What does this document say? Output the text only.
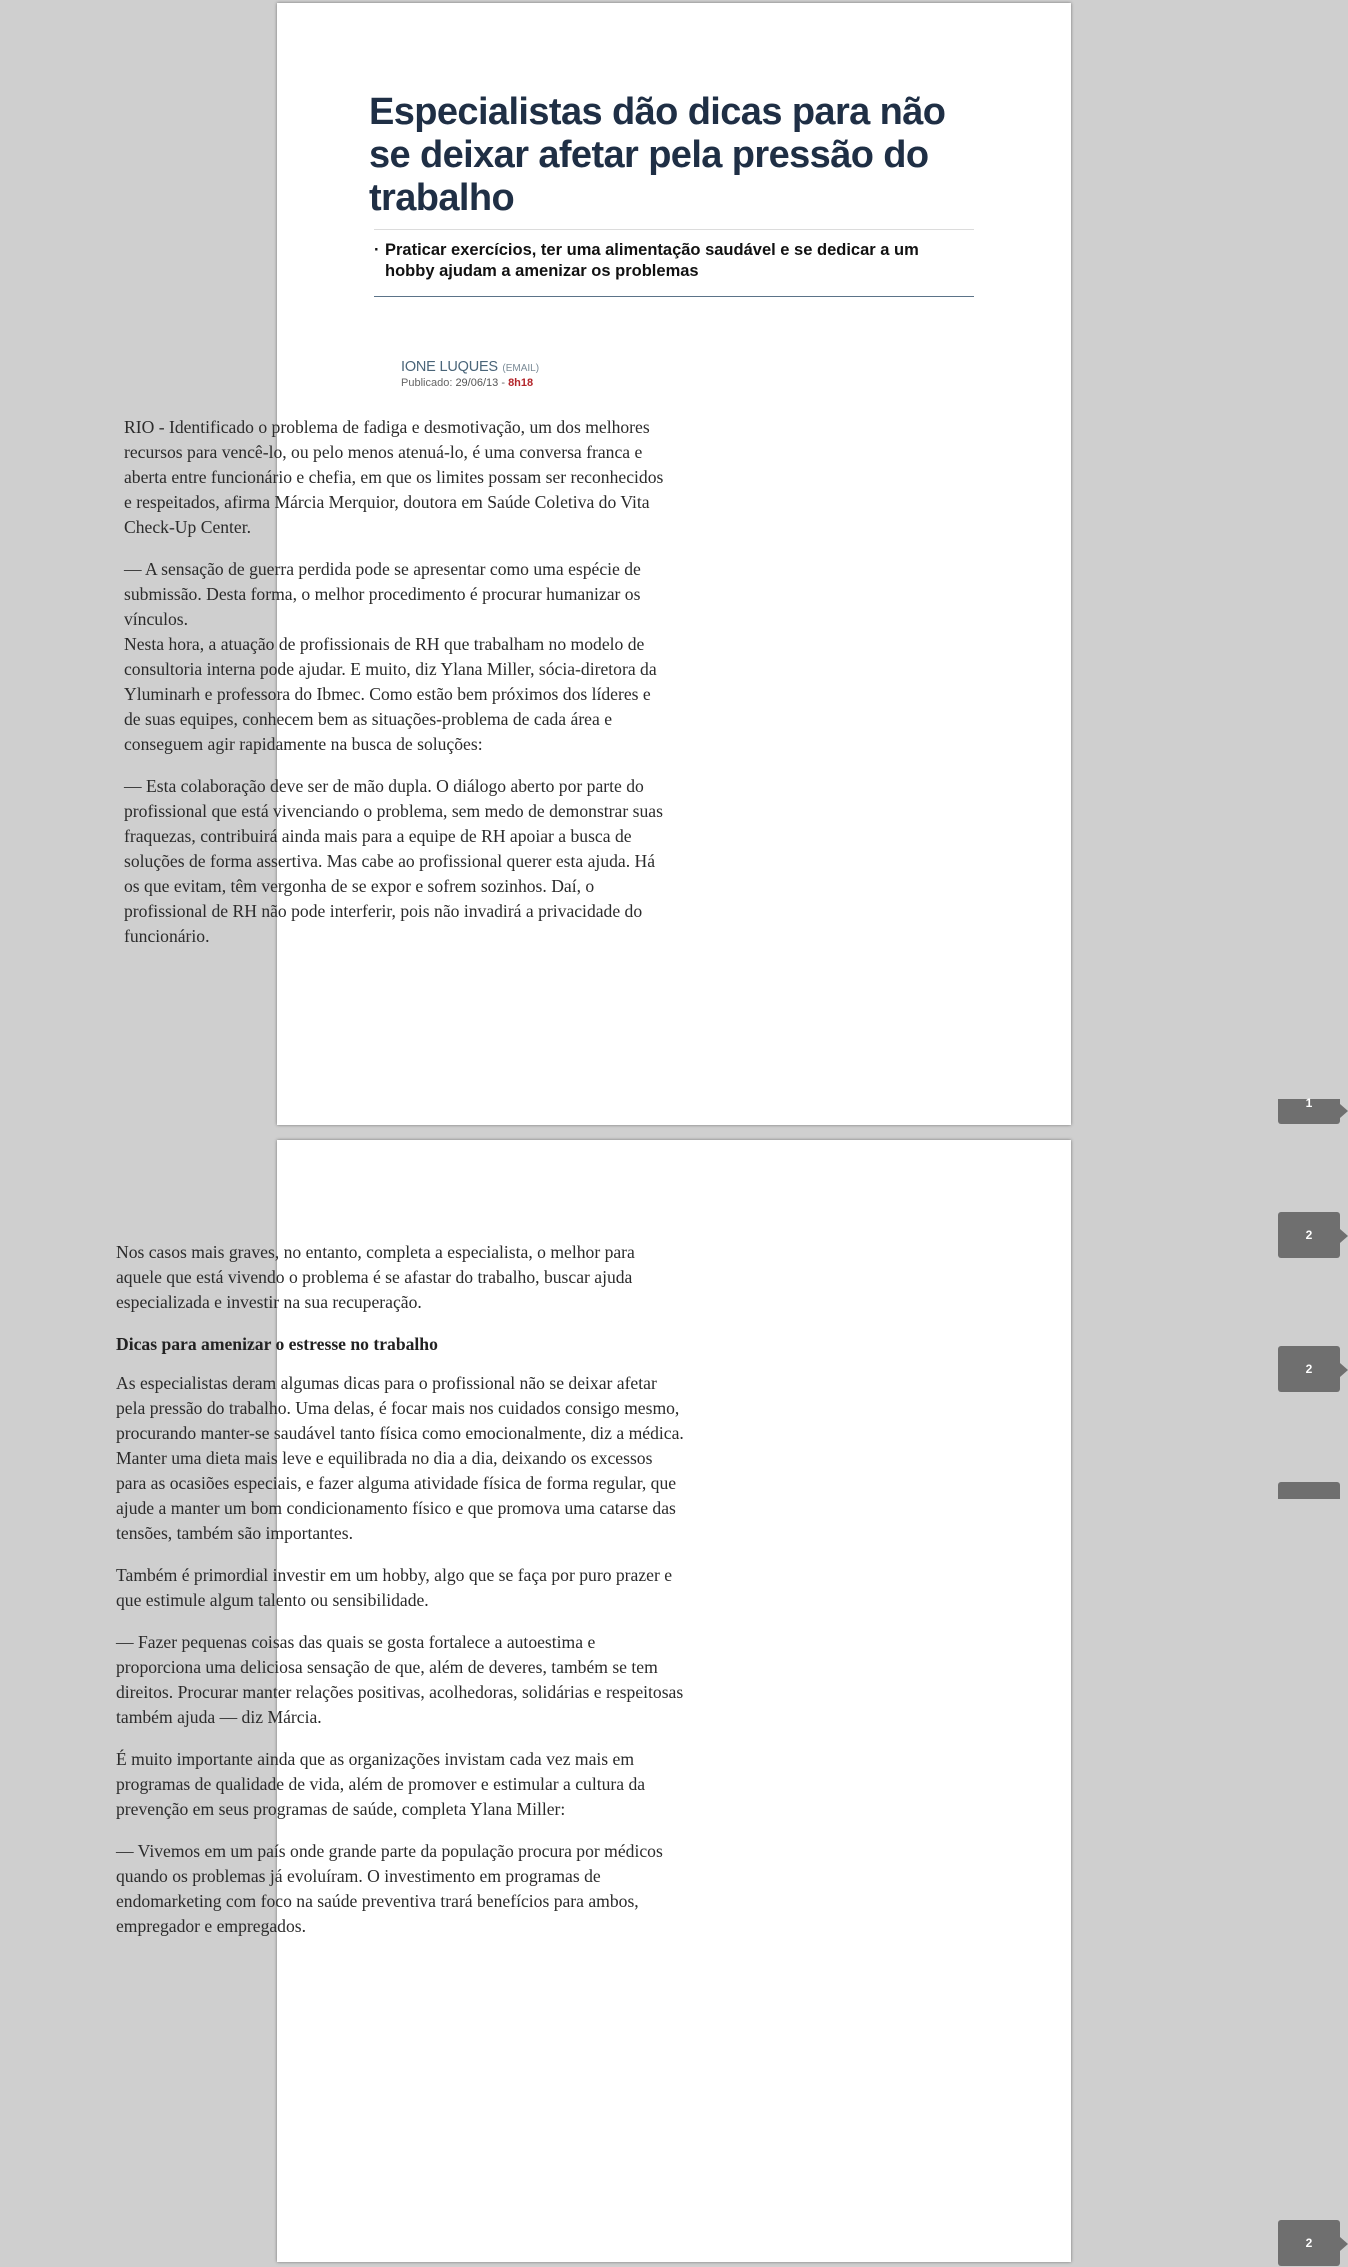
Especialistas dão dicas para não se deixar afetar pela pressão do trabalho
· Praticar exercícios, ter uma alimentação saudável e se dedicar a um hobby ajudam a amenizar os problemas
IONE LUQUES (EMAIL)
Publicado: 29/06/13 - 8h18

RIO - Identificado o problema de fadiga e desmotivação, um dos melhores recursos para vencê-lo, ou pelo menos atenuá-lo, é uma conversa franca e aberta entre funcionário e chefia, em que os limites possam ser reconhecidos e respeitados, afirma Márcia Merquior, doutora em Saúde Coletiva do Vita Check-Up Center.

— A sensação de guerra perdida pode se apresentar como uma espécie de submissão. Desta forma, o melhor procedimento é procurar humanizar os vínculos.

Nesta hora, a atuação de profissionais de RH que trabalham no modelo de consultoria interna pode ajudar. E muito, diz Ylana Miller, sócia-diretora da Yluminarh e professora do Ibmec. Como estão bem próximos dos líderes e de suas equipes, conhecem bem as situações-problema de cada área e conseguem agir rapidamente na busca de soluções:

— Esta colaboração deve ser de mão dupla. O diálogo aberto por parte do profissional que está vivenciando o problema, sem medo de demonstrar suas fraquezas, contribuirá ainda mais para a equipe de RH apoiar a busca de soluções de forma assertiva. Mas cabe ao profissional querer esta ajuda. Há os que evitam, têm vergonha de se expor e sofrem sozinhos. Daí, o profissional de RH não pode interferir, pois não invadirá a privacidade do funcionário.

Nos casos mais graves, no entanto, completa a especialista, o melhor para aquele que está vivendo o problema é se afastar do trabalho, buscar ajuda especializada e investir na sua recuperação.

Dicas para amenizar o estresse no trabalho

As especialistas deram algumas dicas para o profissional não se deixar afetar pela pressão do trabalho. Uma delas, é focar mais nos cuidados consigo mesmo, procurando manter-se saudável tanto física como emocionalmente, diz a médica. Manter uma dieta mais leve e equilibrada no dia a dia, deixando os excessos para as ocasiões especiais, e fazer alguma atividade física de forma regular, que ajude a manter um bom condicionamento físico e que promova uma catarse das tensões, também são importantes.

Também é primordial investir em um hobby, algo que se faça por puro prazer e que estimule algum talento ou sensibilidade.

— Fazer pequenas coisas das quais se gosta fortalece a autoestima e proporciona uma deliciosa sensação de que, além de deveres, também se tem direitos. Procurar manter relações positivas, acolhedoras, solidárias e respeitosas também ajuda — diz Márcia.

É muito importante ainda que as organizações invistam cada vez mais em programas de qualidade de vida, além de promover e estimular a cultura da prevenção em seus programas de saúde, completa Ylana Miller:

— Vivemos em um país onde grande parte da população procura por médicos quando os problemas já evoluíram. O investimento em programas de endomarketing com foco na saúde preventiva trará benefícios para ambos, empregador e empregados.

1
2
2
2
